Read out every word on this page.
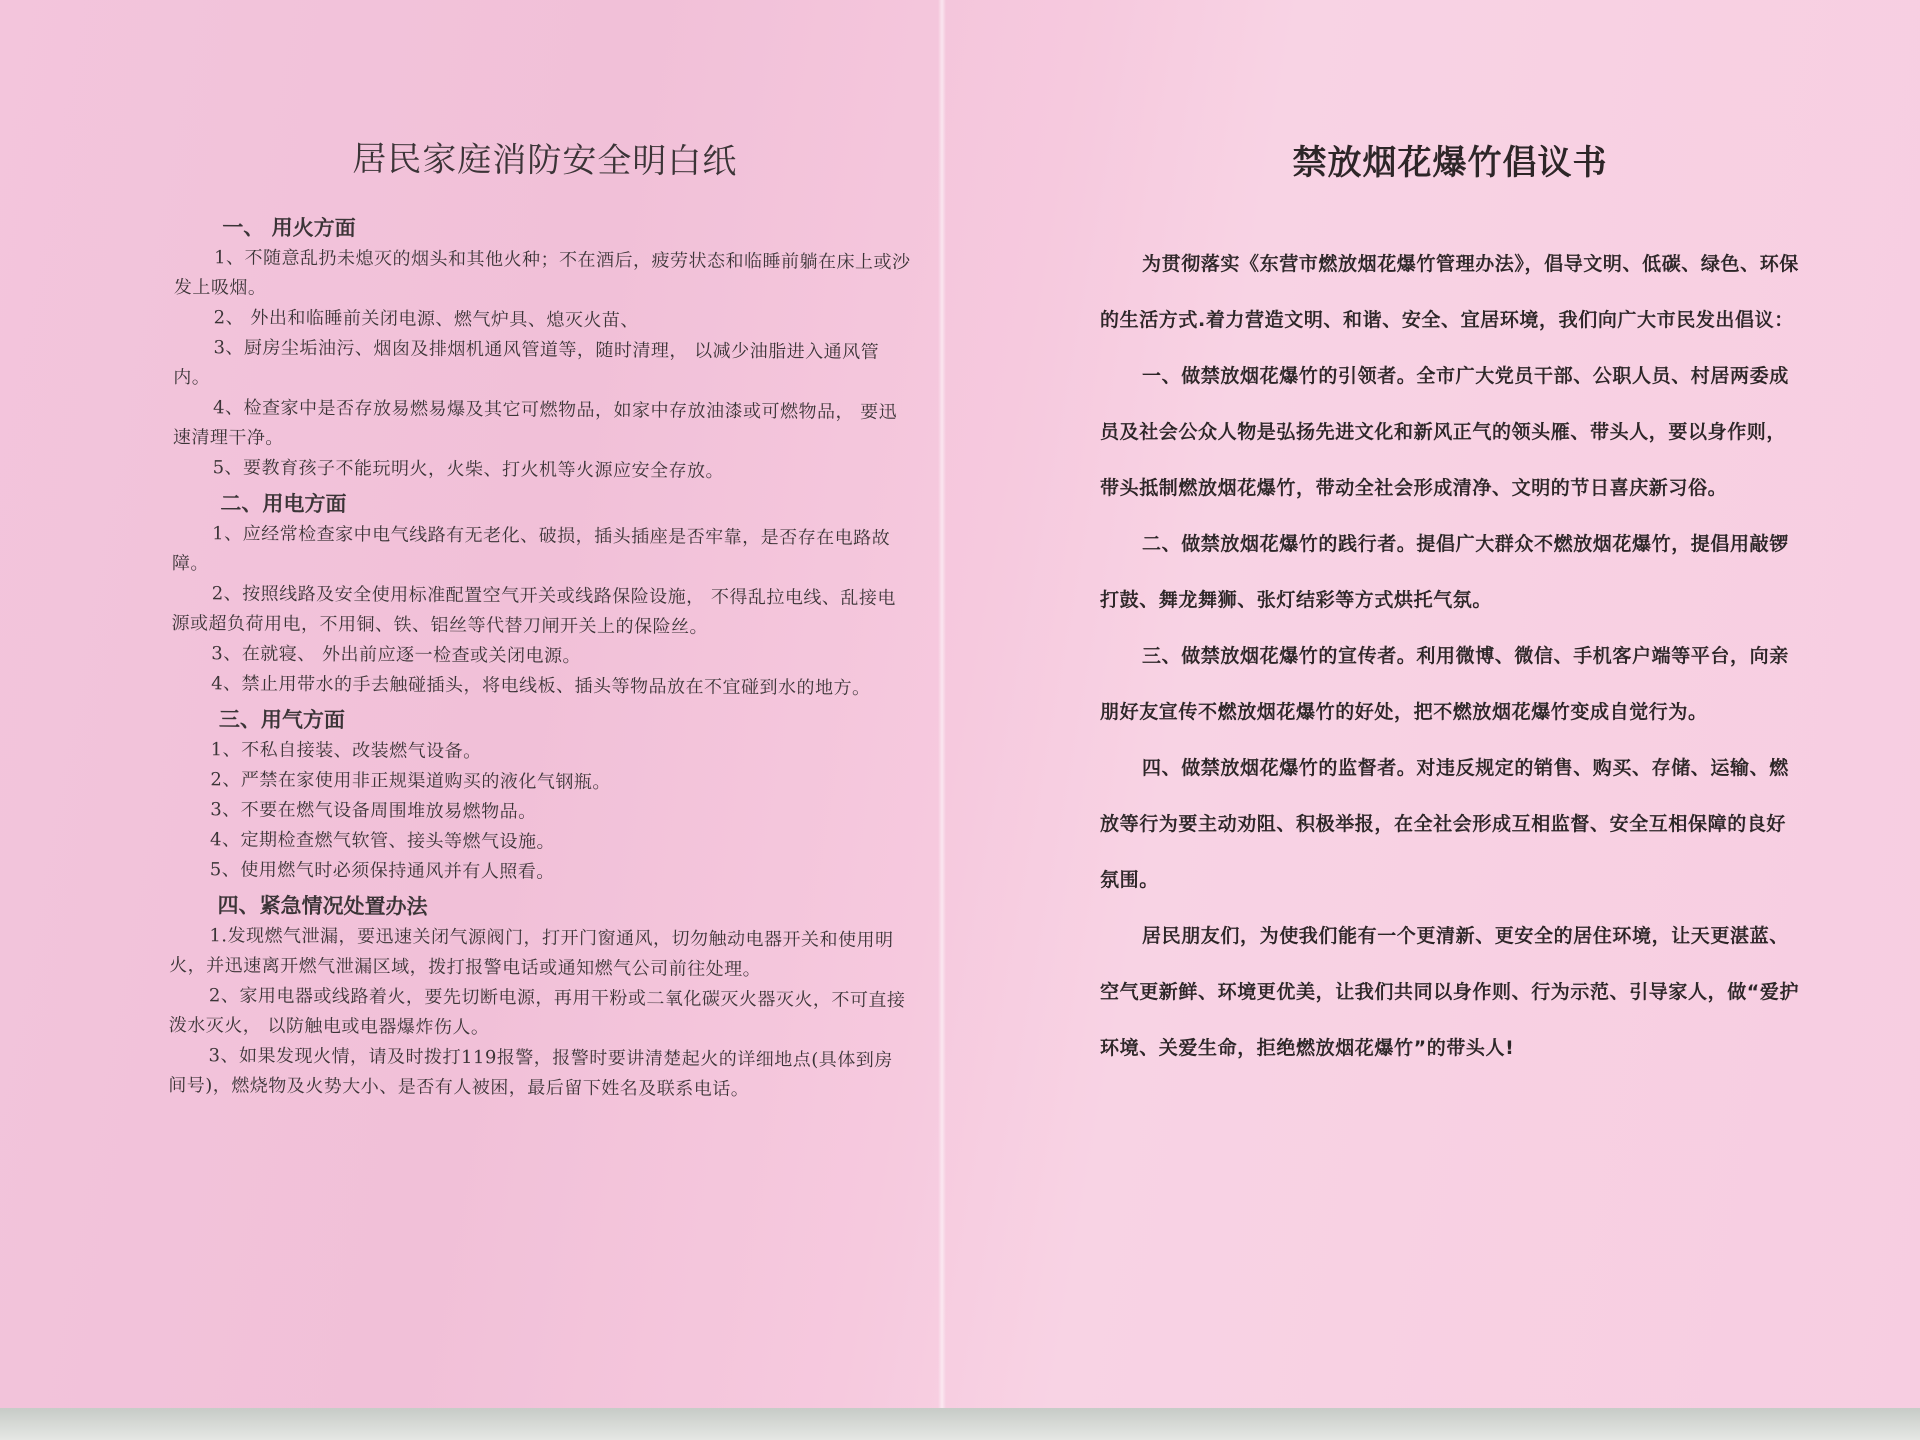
居民家庭消防安全明白纸
一、 用火方面

1、不随意乱扔未熄灭的烟头和其他火种；不在酒后，疲劳状态和临睡前躺在床上或沙发上吸烟。

2、 外出和临睡前关闭电源、燃气炉具、熄灭火苗、

3、厨房尘垢油污、烟囱及排烟机通风管道等，随时清理， 以减少油脂进入通风管内。

4、检查家中是否存放易燃易爆及其它可燃物品，如家中存放油漆或可燃物品， 要迅速清理干净。

5、要教育孩子不能玩明火，火柴、打火机等火源应安全存放。

二、用电方面

1、应经常检查家中电气线路有无老化、破损，插头插座是否牢靠，是否存在电路故障。

2、按照线路及安全使用标准配置空气开关或线路保险设施， 不得乱拉电线、乱接电源或超负荷用电，不用铜、铁、铝丝等代替刀闸开关上的保险丝。

3、在就寝、 外出前应逐一检查或关闭电源。

4、禁止用带水的手去触碰插头，将电线板、插头等物品放在不宜碰到水的地方。

三、用气方面

1、不私自接装、改装燃气设备。

2、严禁在家使用非正规渠道购买的液化气钢瓶。

3、不要在燃气设备周围堆放易燃物品。

4、定期检查燃气软管、接头等燃气设施。

5、使用燃气时必须保持通风并有人照看。

四、紧急情况处置办法

1.发现燃气泄漏，要迅速关闭气源阀门，打开门窗通风，切勿触动电器开关和使用明火，并迅速离开燃气泄漏区域，拨打报警电话或通知燃气公司前往处理。

2、家用电器或线路着火，要先切断电源，再用干粉或二氧化碳灭火器灭火，不可直接泼水灭火， 以防触电或电器爆炸伤人。

3、如果发现火情，请及时拨打119报警，报警时要讲清楚起火的详细地点(具体到房间号)，燃烧物及火势大小、是否有人被困，最后留下姓名及联系电话。

禁放烟花爆竹倡议书

为贯彻落实《东营市燃放烟花爆竹管理办法》，倡导文明、低碳、绿色、环保的生活方式.着力营造文明、和谐、安全、宜居环境，我们向广大市民发出倡议：

一、做禁放烟花爆竹的引领者。全市广大党员干部、公职人员、村居两委成员及社会公众人物是弘扬先进文化和新风正气的领头雁、带头人，要以身作则，带头抵制燃放烟花爆竹，带动全社会形成清净、文明的节日喜庆新习俗。

二、做禁放烟花爆竹的践行者。提倡广大群众不燃放烟花爆竹，提倡用敲锣打鼓、舞龙舞狮、张灯结彩等方式烘托气氛。

三、做禁放烟花爆竹的宣传者。利用微博、微信、手机客户端等平台，向亲朋好友宣传不燃放烟花爆竹的好处，把不燃放烟花爆竹变成自觉行为。

四、做禁放烟花爆竹的监督者。对违反规定的销售、购买、存储、运输、燃放等行为要主动劝阻、积极举报，在全社会形成互相监督、安全互相保障的良好氛围。

居民朋友们，为使我们能有一个更清新、更安全的居住环境，让天更湛蓝、空气更新鲜、环境更优美，让我们共同以身作则、行为示范、引导家人，做“爱护环境、关爱生命，拒绝燃放烟花爆竹”的带头人!
